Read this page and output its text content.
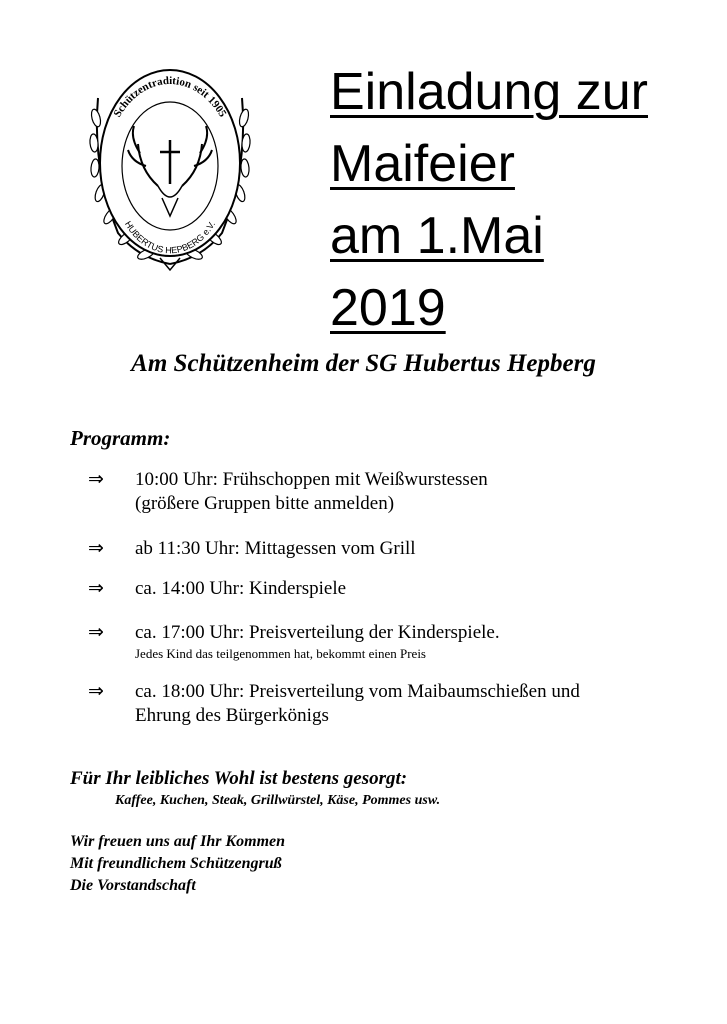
Schützentradition seit 1905
HUBERTUS HEPBERG e.V.
Einladung zur
Maifeier
am 1.Mai
2019
Am Schützenheim der SG Hubertus Hepberg
Programm:
⇒	10:00 Uhr: Frühschoppen mit Weißwurstessen
(größere Gruppen bitte anmelden)
⇒	ab 11:30 Uhr: Mittagessen vom Grill
⇒	ca. 14:00 Uhr: Kinderspiele
⇒	ca. 17:00 Uhr: Preisverteilung der Kinderspiele.
Jedes Kind das teilgenommen hat, bekommt einen Preis
⇒	ca. 18:00 Uhr: Preisverteilung vom Maibaumschießen und
Ehrung des Bürgerkönigs
Für Ihr leibliches Wohl ist bestens gesorgt:
Kaffee, Kuchen, Steak, Grillwürstel, Käse, Pommes usw.
Wir freuen uns auf Ihr Kommen
Mit freundlichem Schützengruß
Die Vorstandschaft
